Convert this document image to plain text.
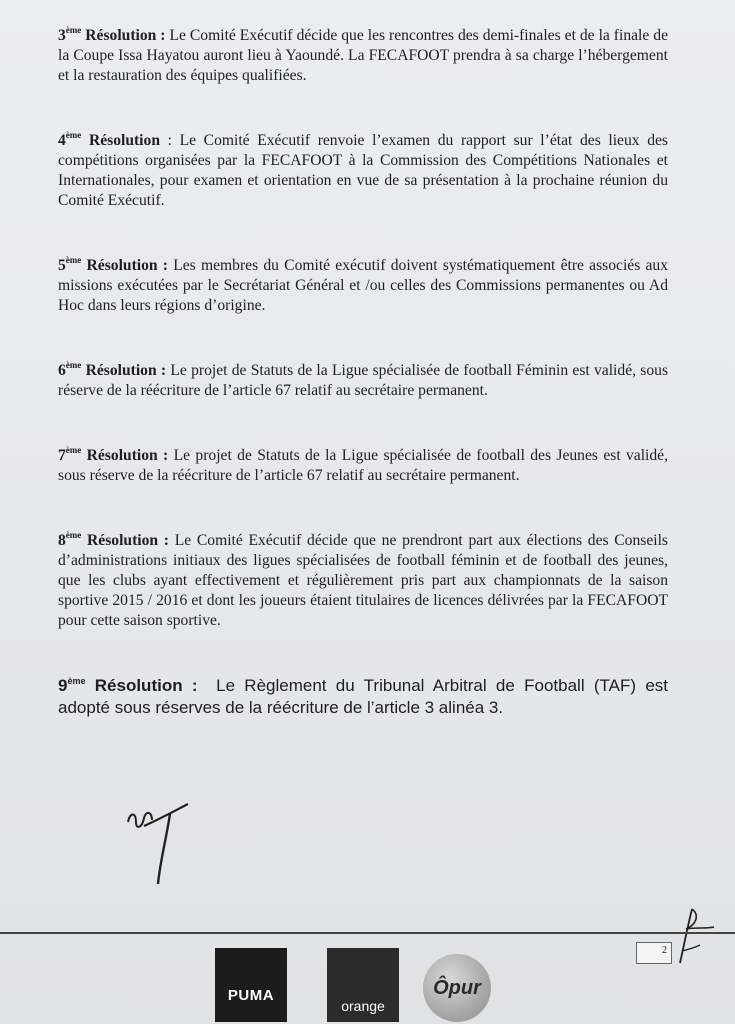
3ème Résolution : Le Comité Exécutif décide que les rencontres des demi-finales et de la finale de la Coupe Issa Hayatou auront lieu à Yaoundé. La FECAFOOT prendra à sa charge l’hébergement et la restauration des équipes qualifiées.

4ème Résolution : Le Comité Exécutif renvoie l’examen du rapport sur l’état des lieux des compétitions organisées par la FECAFOOT à la Commission des Compétitions Nationales et Internationales, pour examen et orientation en vue de sa présentation à la prochaine réunion du Comité Exécutif.

5ème Résolution : Les membres du Comité exécutif doivent systématiquement être associés aux missions exécutées par le Secrétariat Général et /ou celles des Commissions permanentes ou Ad Hoc dans leurs régions d’origine.

6ème Résolution : Le projet de Statuts de la Ligue spécialisée de football Féminin est validé, sous réserve de la réécriture de l’article 67 relatif au secrétaire permanent.

7ème Résolution : Le projet de Statuts de la Ligue spécialisée de football des Jeunes est validé, sous réserve de la réécriture de l’article 67 relatif au secrétaire permanent.

8ème Résolution : Le Comité Exécutif décide que ne prendront part aux élections des Conseils d’administrations initiaux des ligues spécialisées de football féminin et de football des jeunes, que les clubs ayant effectivement et régulièrement pris part aux championnats de la saison sportive 2015 / 2016 et dont les joueurs étaient titulaires de licences délivrées par la FECAFOOT pour cette saison sportive.

9ème Résolution : Le Règlement du Tribunal Arbitral de Football (TAF) est adopté sous réserves de la réécriture de l’article 3 alinéa 3.

2
PUMA
orange
Ôpur
